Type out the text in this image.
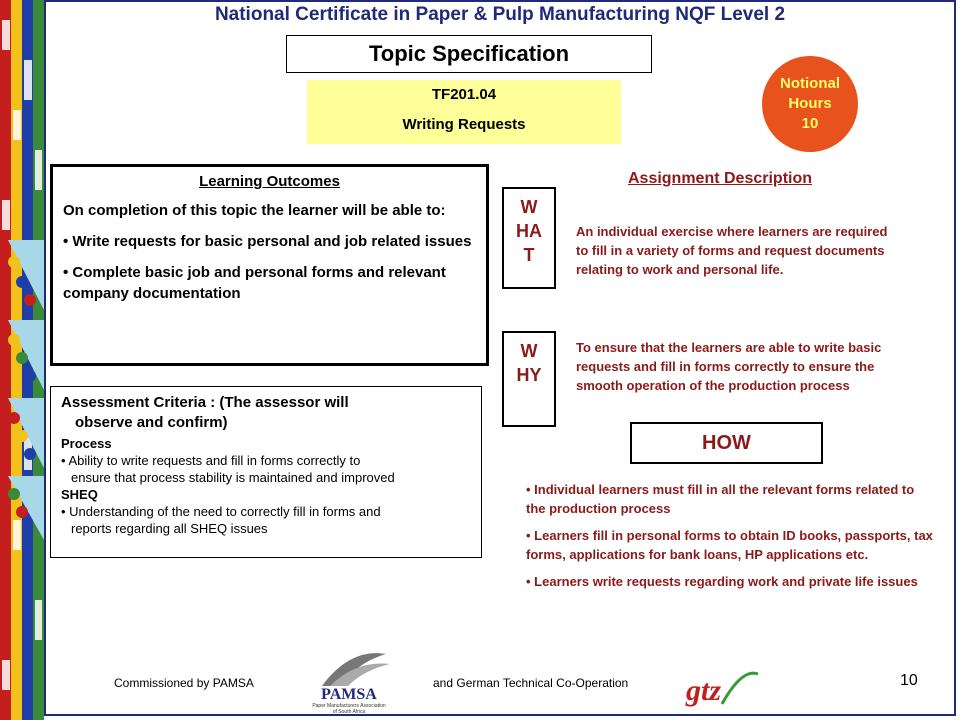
National Certificate in Paper & Pulp Manufacturing NQF Level 2
Topic Specification
TF201.04
Writing Requests
Notional
Hours
10
Learning Outcomes

On completion of this topic the learner will be able to:

• Write requests for basic personal and job related issues

• Complete basic job and personal forms and relevant company documentation

Assessment Criteria : (The assessor will
observe and confirm)
Process
• Ability to write requests and fill in forms correctly to
ensure that process stability is maintained and improved
SHEQ
• Understanding of the need to correctly fill in forms and
reports regarding all SHEQ issues
Assignment Description
W
HA
T
An individual exercise where learners are required to fill in a variety of forms and request documents relating to work and personal life.
W
HY
To ensure that the learners are able to write basic requests and fill in forms correctly to ensure the smooth operation of the production process
HOW

• Individual learners must fill in all the relevant forms related to the production process

• Learners fill in personal forms to obtain ID books, passports, tax forms, applications for bank loans, HP applications etc.

• Learners write requests regarding work and private life issues

Commissioned by PAMSA
PAMSA
Paper Manufacturers Association
of South Africa
and German Technical Co-Operation gtz	10
